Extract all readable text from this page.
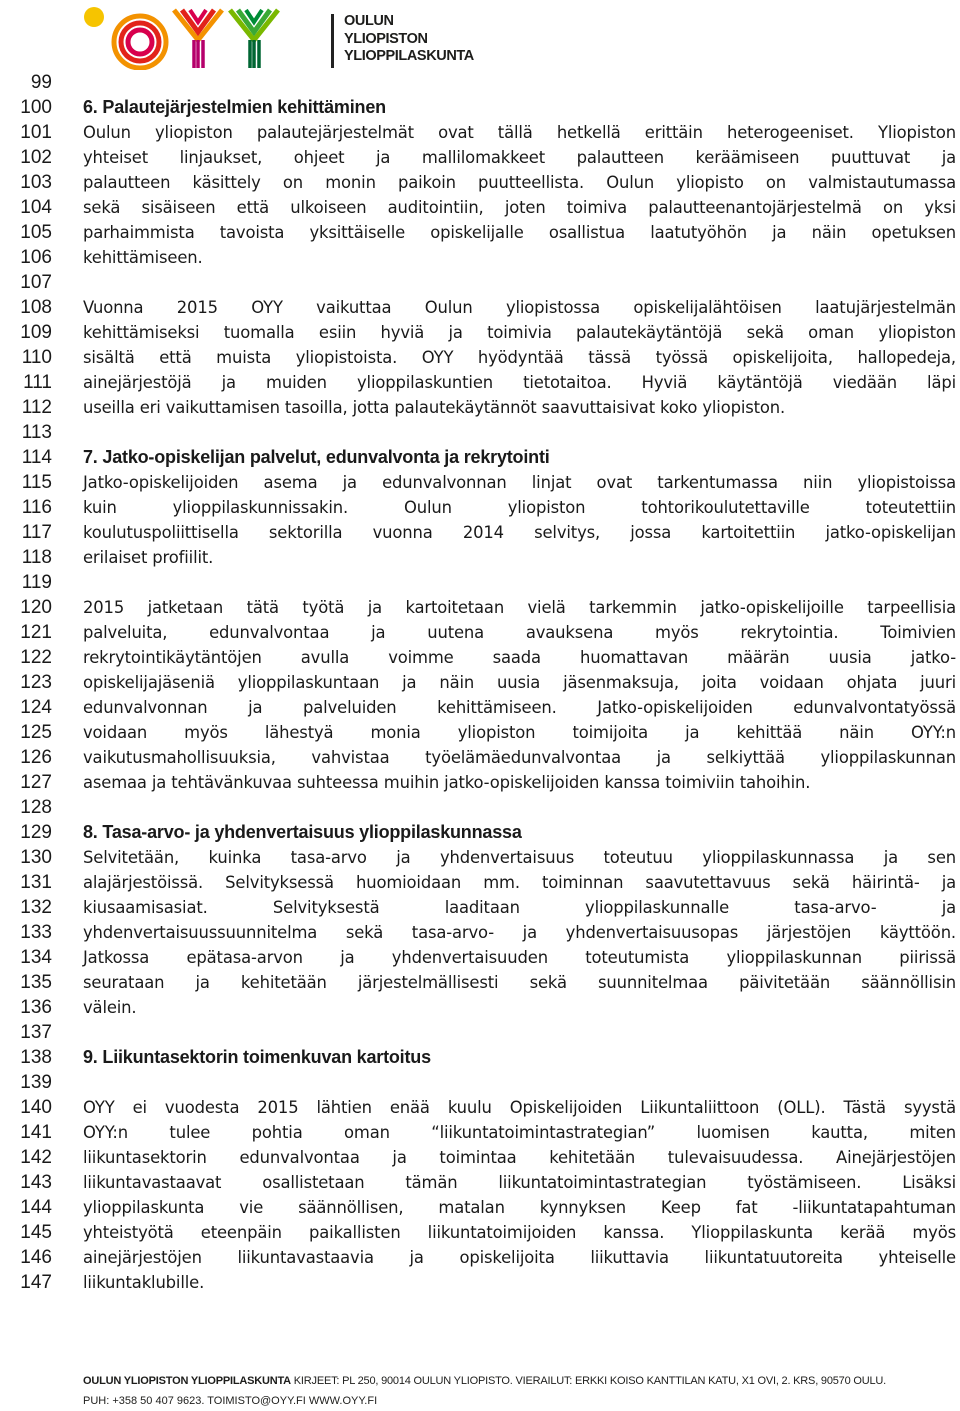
OULUN
YLIOPISTON
YLIOPPILASKUNTA
99
100 6. Palautejärjestelmien kehittäminen
101 Oulun yliopiston palautejärjestelmät ovat tällä hetkellä erittäin heterogeeniset. Yliopiston
102 yhteiset linjaukset, ohjeet ja mallilomakkeet palautteen keräämiseen puuttuvat ja
103 palautteen käsittely on monin paikoin puutteellista. Oulun yliopisto on valmistautumassa
104 sekä sisäiseen että ulkoiseen auditointiin, joten toimiva palautteenantojärjestelmä on yksi
105 parhaimmista tavoista yksittäiselle opiskelijalle osallistua laatutyöhön ja näin opetuksen
106 kehittämiseen.
107
108 Vuonna 2015 OYY vaikuttaa Oulun yliopistossa opiskelijalähtöisen laatujärjestelmän
109 kehittämiseksi tuomalla esiin hyviä ja toimivia palautekäytäntöjä sekä oman yliopiston
110 sisältä että muista yliopistoista. OYY hyödyntää tässä työssä opiskelijoita, hallopedeja,
111 ainejärjestöjä ja muiden ylioppilaskuntien tietotaitoa. Hyviä käytäntöjä viedään läpi
112 useilla eri vaikuttamisen tasoilla, jotta palautekäytännöt saavuttaisivat koko yliopiston.
113
114 7. Jatko-opiskelijan palvelut, edunvalvonta ja rekrytointi
115 Jatko-opiskelijoiden asema ja edunvalvonnan linjat ovat tarkentumassa niin yliopistoissa
116 kuin ylioppilaskunnissakin. Oulun yliopiston tohtorikoulutettaville toteutettiin
117 koulutuspoliittisella sektorilla vuonna 2014 selvitys, jossa kartoitettiin jatko-opiskelijan
118 erilaiset profiilit.
119
120 2015 jatketaan tätä työtä ja kartoitetaan vielä tarkemmin jatko-opiskelijoille tarpeellisia
121 palveluita, edunvalvontaa ja uutena avauksena myös rekrytointia. Toimivien
122 rekrytointikäytäntöjen avulla voimme saada huomattavan määrän uusia jatko-
123 opiskelijajäseniä ylioppilaskuntaan ja näin uusia jäsenmaksuja, joita voidaan ohjata juuri
124 edunvalvonnan ja palveluiden kehittämiseen. Jatko-opiskelijoiden edunvalvontatyössä
125 voidaan myös lähestyä monia yliopiston toimijoita ja kehittää näin OYY:n
126 vaikutusmahollisuuksia, vahvistaa työelämäedunvalvontaa ja selkiyttää ylioppilaskunnan
127 asemaa ja tehtävänkuvaa suhteessa muihin jatko-opiskelijoiden kanssa toimiviin tahoihin.
128
129 8. Tasa-arvo- ja yhdenvertaisuus ylioppilaskunnassa
130 Selvitetään, kuinka tasa-arvo ja yhdenvertaisuus toteutuu ylioppilaskunnassa ja sen
131 alajärjestöissä. Selvityksessä huomioidaan mm. toiminnan saavutettavuus sekä häirintä- ja
132 kiusaamisasiat. Selvityksestä laaditaan ylioppilaskunnalle tasa-arvo- ja
133 yhdenvertaisuussuunnitelma sekä tasa-arvo- ja yhdenvertaisuusopas järjestöjen käyttöön.
134 Jatkossa epätasa-arvon ja yhdenvertaisuuden toteutumista ylioppilaskunnan piirissä
135 seurataan ja kehitetään järjestelmällisesti sekä suunnitelmaa päivitetään säännöllisin
136 välein.
137
138 9. Liikuntasektorin toimenkuvan kartoitus
139
140 OYY ei vuodesta 2015 lähtien enää kuulu Opiskelijoiden Liikuntaliittoon (OLL). Tästä syystä
141 OYY:n tulee pohtia oman “liikuntatoimintastrategian” luomisen kautta, miten
142 liikuntasektorin edunvalvontaa ja toimintaa kehitetään tulevaisuudessa. Ainejärjestöjen
143 liikuntavastaavat osallistetaan tämän liikuntatoimintastrategian työstämiseen. Lisäksi
144 ylioppilaskunta vie säännöllisen, matalan kynnyksen Keep fat -liikuntatapahtuman
145 yhteistyötä eteenpäin paikallisten liikuntatoimijoiden kanssa. Ylioppilaskunta kerää myös
146 ainejärjestöjen liikuntavastaavia ja opiskelijoita liikuttavia liikuntatuutoreita yhteiselle
147 liikuntaklubille.
OULUN YLIOPISTON YLIOPPILASKUNTA KIRJEET: PL 250, 90014 OULUN YLIOPISTO. VIERAILUT: ERKKI KOISO KANTTILAN KATU, X1 OVI, 2. KRS, 90570 OULU.
PUH: +358 50 407 9623. TOIMISTO@OYY.FI WWW.OYY.FI
